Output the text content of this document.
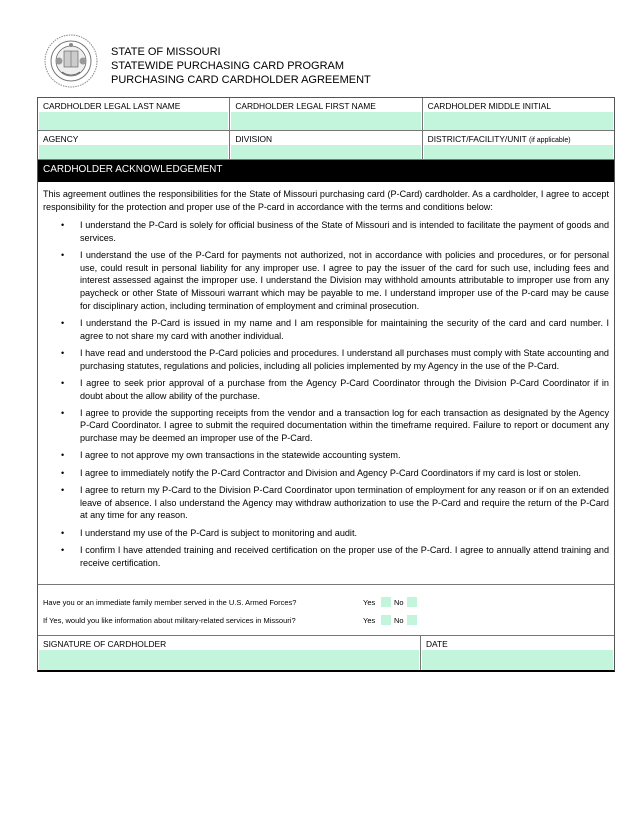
STATE OF MISSOURI
STATEWIDE PURCHASING CARD PROGRAM
PURCHASING CARD CARDHOLDER AGREEMENT
CARDHOLDER LEGAL LAST NAME	CARDHOLDER LEGAL FIRST NAME	CARDHOLDER MIDDLE INITIAL
AGENCY	DIVISION	DISTRICT/FACILITY/UNIT (if applicable)
CARDHOLDER ACKNOWLEDGEMENT

This agreement outlines the responsibilities for the State of Missouri purchasing card (P-Card) cardholder. As a cardholder, I agree to accept responsibility for the protection and proper use of the P-card in accordance with the terms and conditions below:

• I understand the P-Card is solely for official business of the State of Missouri and is intended to facilitate the payment of goods and services.
• I understand the use of the P-Card for payments not authorized, not in accordance with policies and procedures, or for personal use, could result in personal liability for any improper use. I agree to pay the issuer of the card for such use, including fees and interest assessed against the improper use. I understand the Division may withhold amounts attributable to improper use from any paycheck or other State of Missouri warrant which may be payable to me. I understand improper use of the P-card may be cause for disciplinary action, including termination of employment and criminal prosecution.
• I understand the P-Card is issued in my name and I am responsible for maintaining the security of the card and card number. I agree to not share my card with another individual.
• I have read and understood the P-Card policies and procedures. I understand all purchases must comply with State accounting and purchasing statutes, regulations and policies, including all policies implemented by my Agency in the use of the P-Card.
• I agree to seek prior approval of a purchase from the Agency P-Card Coordinator through the Division P-Card Coordinator if in doubt about the allow ability of the purchase.
• I agree to provide the supporting receipts from the vendor and a transaction log for each transaction as designated by the Agency P-Card Coordinator. I agree to submit the required documentation within the timeframe required. Failure to report or document any purchase may be deemed an improper use of the P-Card.
• I agree to not approve my own transactions in the statewide accounting system.
• I agree to immediately notify the P-Card Contractor and Division and Agency P-Card Coordinators if my card is lost or stolen.
• I agree to return my P-Card to the Division P-Card Coordinator upon termination of employment for any reason or if on an extended leave of absence. I also understand the Agency may withdraw authorization to use the P-Card and require the return of the P-Card at any time for any reason.
• I understand my use of the P-Card is subject to monitoring and audit.
• I confirm I have attended training and received certification on the proper use of the P-Card. I agree to annually attend training and receive certification.
Have you or an immediate family member served in the U.S. Armed Forces?	Yes	No
If Yes, would you like information about military-related services in Missouri?	Yes	No
SIGNATURE OF CARDHOLDER	DATE
